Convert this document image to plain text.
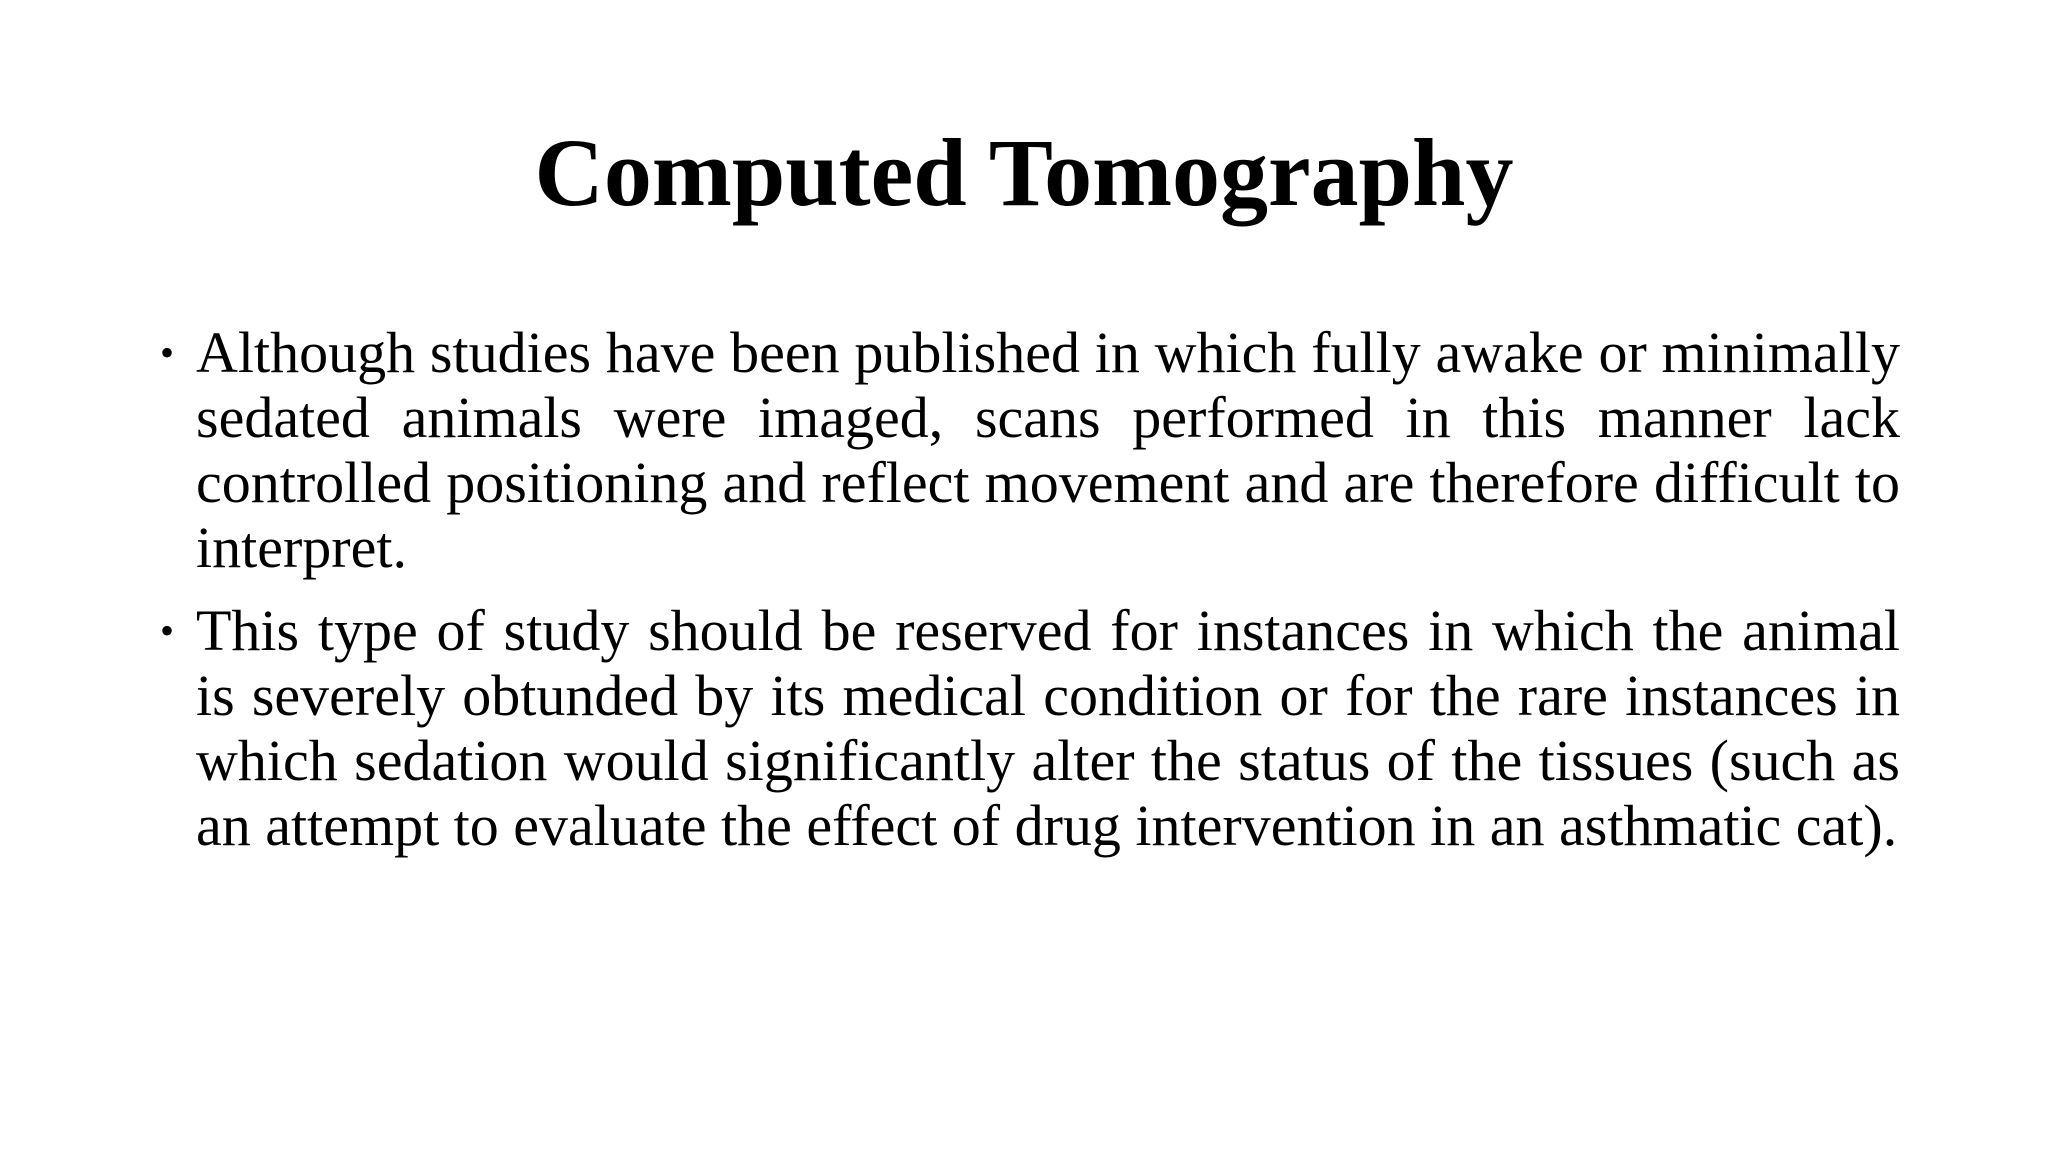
Computed Tomography
• Although studies have been published in which fully awake or minimally sedated animals were imaged, scans performed in this manner lack controlled positioning and reflect movement and are therefore difficult to interpret.
• This type of study should be reserved for instances in which the animal is severely obtunded by its medical condition or for the rare instances in which sedation would significantly alter the status of the tissues (such as an attempt to evaluate the effect of drug intervention in an asthmatic cat).
